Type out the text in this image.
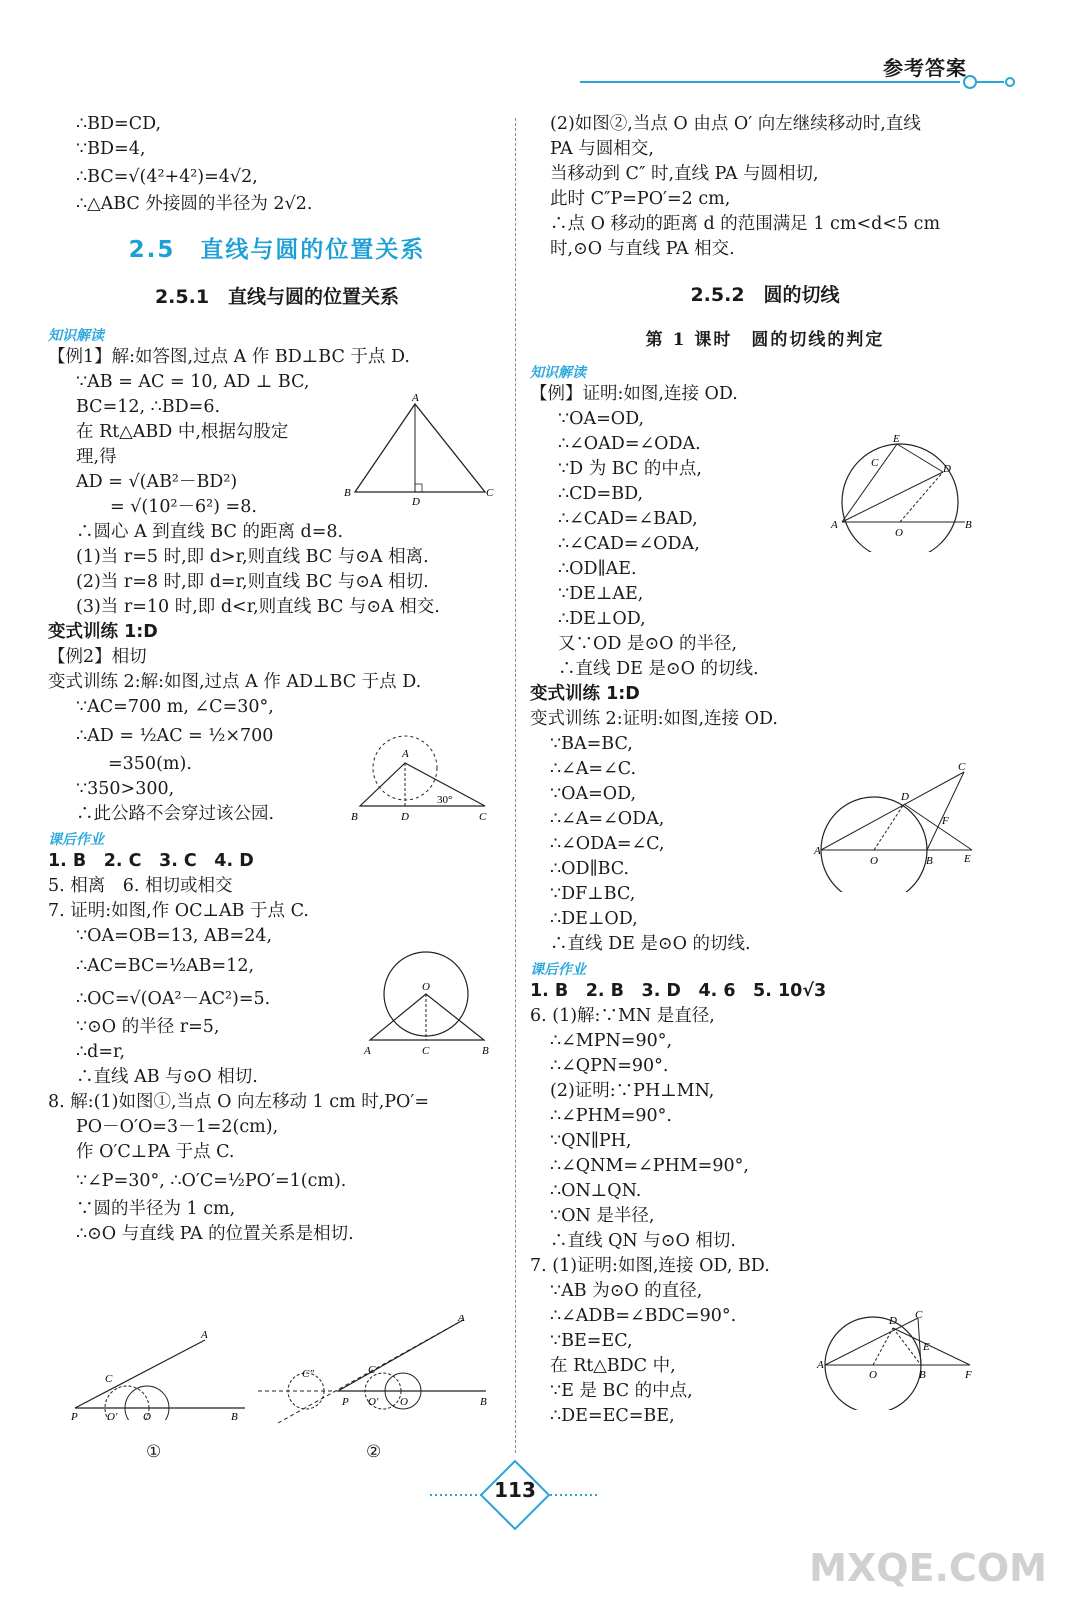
参考答案
∴BD=CD,
∵BD=4,
∴BC=√(4²+4²)=4√2,
∴△ABC 外接圆的半径为 2√2.
2.5　直线与圆的位置关系
2.5.1　直线与圆的位置关系
知识解读
【例1】解:如答图,过点 A 作 BD⊥BC 于点 D.
∵AB = AC = 10, AD ⊥ BC,
BC=12, ∴BD=6.
在 Rt△ABD 中,根据勾股定
理,得
AD = √(AB²－BD²)
= √(10²－6²) =8.
∴圆心 A 到直线 BC 的距离 d=8.
(1)当 r=5 时,即 d>r,则直线 BC 与⊙A 相离.
(2)当 r=8 时,即 d=r,则直线 BC 与⊙A 相切.
(3)当 r=10 时,即 d<r,则直线 BC 与⊙A 相交.
变式训练 1:D
【例2】相切
变式训练 2:解:如图,过点 A 作 AD⊥BC 于点 D.
∵AC=700 m, ∠C=30°,
∴AD = ½AC = ½×700
=350(m).
∵350>300,
∴此公路不会穿过该公园.
课后作业
1. B　2. C　3. C　4. D
5. 相离　6. 相切或相交
7. 证明:如图,作 OC⊥AB 于点 C.
∵OA=OB=13, AB=24,
∴AC=BC=½AB=12,
∴OC=√(OA²－AC²)=5.
∵⊙O 的半径 r=5,
∴d=r,
∴直线 AB 与⊙O 相切.
8. 解:(1)如图①,当点 O 向左移动 1 cm 时,PO′=
PO－O′O=3－1=2(cm),
作 O′C⊥PA 于点 C.
∵∠P=30°, ∴O′C=½PO′=1(cm).
∵圆的半径为 1 cm,
∴⊙O 与直线 PA 的位置关系是相切.
A
B	C
D
A
B	D	C
30°
O
A	C	B
P
C
O′ O
A
B
①
C″
P
C
O′ O
A
B
②
(2)如图②,当点 O 由点 O′ 向左继续移动时,直线
PA 与圆相交,
当移动到 C″ 时,直线 PA 与圆相切,
此时 C″P=PO′=2 cm,
∴点 O 移动的距离 d 的范围满足 1 cm<d<5 cm
时,⊙O 与直线 PA 相交.
2.5.2　圆的切线
第 1 课时　圆的切线的判定
知识解读
【例】证明:如图,连接 OD.
∵OA=OD,
∴∠OAD=∠ODA.
∵D 为 BC 的中点,
∴CD=BD,
∴∠CAD=∠BAD,
∴∠CAD=∠ODA,
∴OD∥AE.
∵DE⊥AE,
∴DE⊥OD,
又∵OD 是⊙O 的半径,
∴直线 DE 是⊙O 的切线.
变式训练 1:D
变式训练 2:证明:如图,连接 OD.
∵BA=BC,
∴∠A=∠C.
∵OA=OD,
∴∠A=∠ODA,
∴∠ODA=∠C,
∴OD∥BC.
∵DF⊥BC,
∴DE⊥OD,
∴直线 DE 是⊙O 的切线.
课后作业
1. B　2. B　3. D　4. 6　5. 10√3
6. (1)解:∵MN 是直径,
∴∠MPN=90°,
∴∠QPN=90°.
(2)证明:∵PH⊥MN,
∴∠PHM=90°.
∵QN∥PH,
∴∠QNM=∠PHM=90°,
∴ON⊥QN.
∵ON 是半径,
∴直线 QN 与⊙O 相切.
7. (1)证明:如图,连接 OD, BD.
∵AB 为⊙O 的直径,
∴∠ADB=∠BDC=90°.
∵BE=EC,
在 Rt△BDC 中,
∵E 是 BC 的中点,
∴DE=EC=BE,
E
C	D
A
O
B
C
D
F
A
O	B	E
C
D
E
A
O	B	F
113
MXQE.COM
